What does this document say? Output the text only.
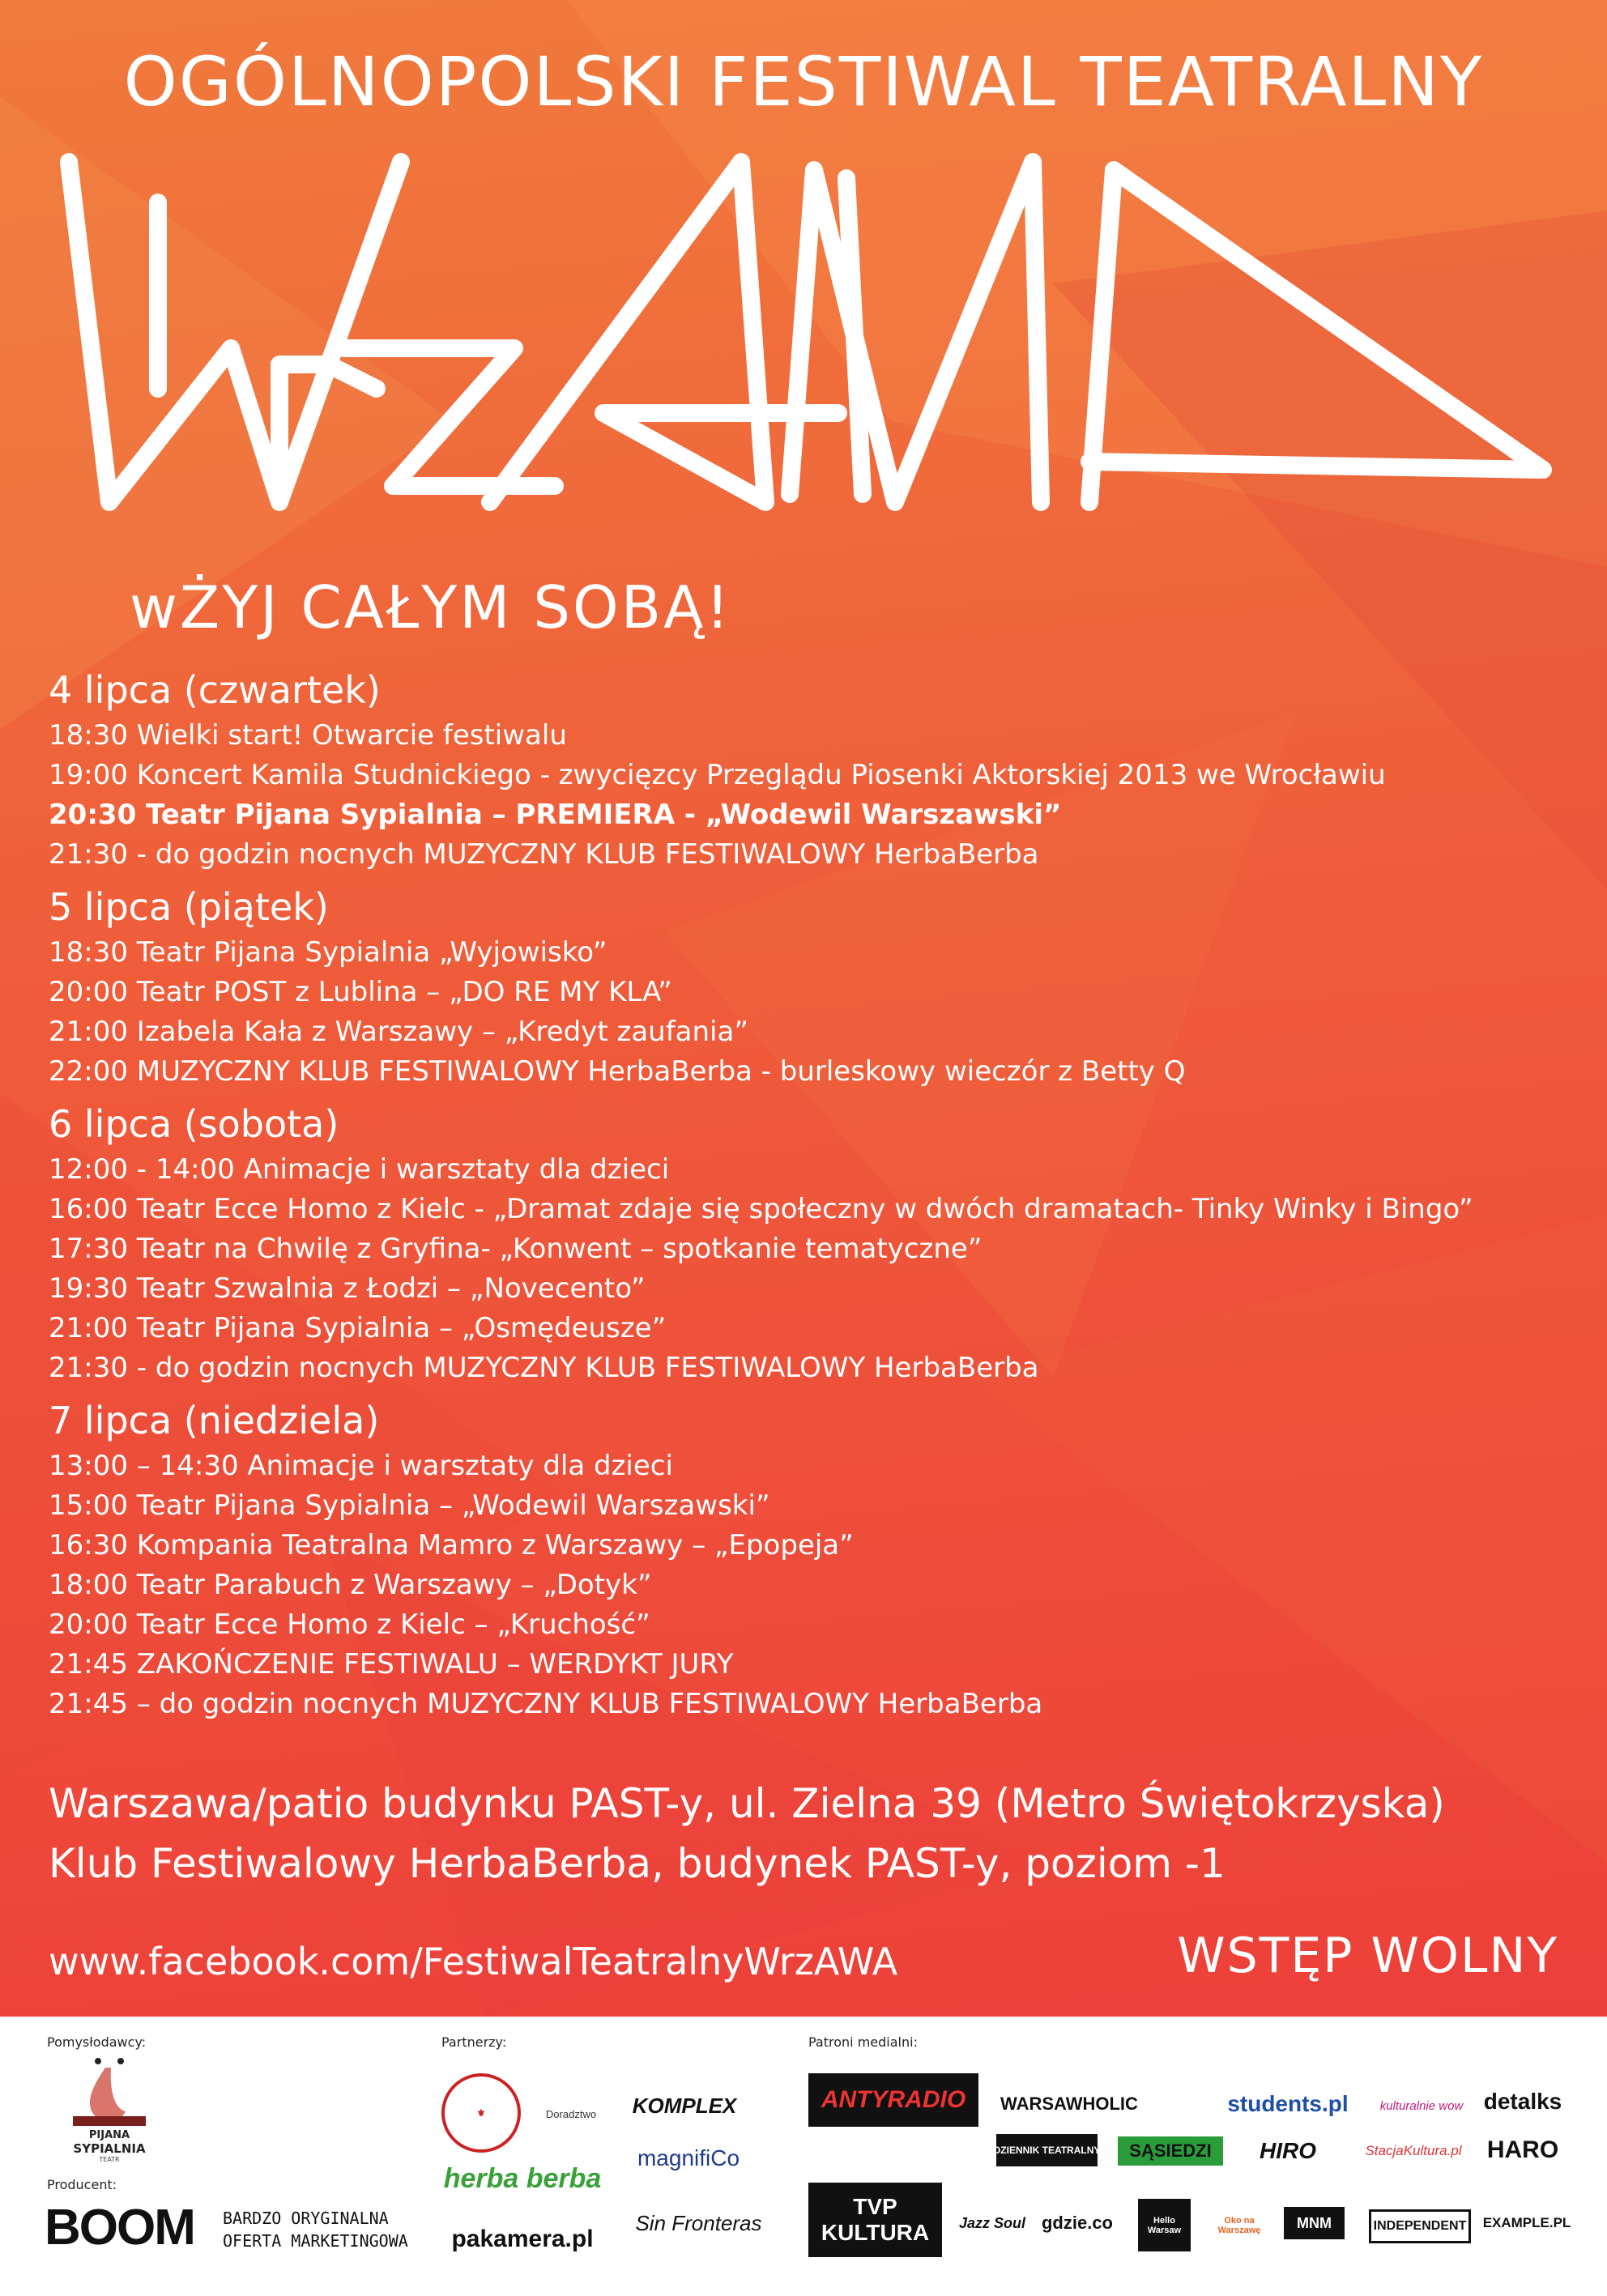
OGÓLNOPOLSKI FESTIWAL TEATRALNY
wŻYJ CAŁYM SOBĄ!
4 lipca (czwartek)
18:30 Wielki start! Otwarcie festiwalu
19:00 Koncert Kamila Studnickiego - zwycięzcy Przeglądu Piosenki Aktorskiej 2013 we Wrocławiu
20:30 Teatr Pijana Sypialnia – PREMIERA - „Wodewil Warszawski”
21:30 - do godzin nocnych MUZYCZNY KLUB FESTIWALOWY HerbaBerba
5 lipca (piątek)
18:30 Teatr Pijana Sypialnia „Wyjowisko”
20:00 Teatr POST z Lublina – „DO RE MY KLA”
21:00 Izabela Kała z Warszawy – „Kredyt zaufania”
22:00 MUZYCZNY KLUB FESTIWALOWY HerbaBerba - burleskowy wieczór z Betty Q
6 lipca (sobota)
12:00 - 14:00 Animacje i warsztaty dla dzieci
16:00 Teatr Ecce Homo z Kielc - „Dramat zdaje się społeczny w dwóch dramatach- Tinky Winky i Bingo”
17:30 Teatr na Chwilę z Gryfina- „Konwent – spotkanie tematyczne”
19:30 Teatr Szwalnia z Łodzi – „Novecento”
21:00 Teatr Pijana Sypialnia – „Osmędeusze”
21:30 - do godzin nocnych MUZYCZNY KLUB FESTIWALOWY HerbaBerba
7 lipca (niedziela)
13:00 – 14:30 Animacje i warsztaty dla dzieci
15:00 Teatr Pijana Sypialnia – „Wodewil Warszawski”
16:30 Kompania Teatralna Mamro z Warszawy – „Epopeja”
18:00 Teatr Parabuch z Warszawy – „Dotyk”
20:00 Teatr Ecce Homo z Kielc – „Kruchość”
21:45 ZAKOŃCZENIE FESTIWALU – WERDYKT JURY
21:45 – do godzin nocnych MUZYCZNY KLUB FESTIWALOWY HerbaBerba
Warszawa/patio budynku PAST-y, ul. Zielna 39 (Metro Świętokrzyska)
Klub Festiwalowy HerbaBerba, budynek PAST-y, poziom -1
www.facebook.com/FestiwalTeatralnyWrzAWA	WSTĘP WOLNY
Pomysłodawcy:	Partnerzy:	Patroni medialni:
Producent:
PIJANA
SYPIALNIA
TEATR
BOOM BARDZO ORYGINALNA
OFERTA MARKETINGOWA
⚜	Doradztwo	KOMPLEX
magnifiCo
herba berba
Sin Fronteras
pakamera.pl
ANTYRADIO	WARSAWHOLIC	students.pl	kulturalnie wow detalks
DZIENNIK TEATRALNY	SĄSIEDZI	HIRO	StacjaKultura.pl	HARO
TVP KULTURA	Jazz Soul gdzie.co	Hello Warsaw
Oko na Warszawę	MNM	INDEPENDENT	EXAMPLE.PL
